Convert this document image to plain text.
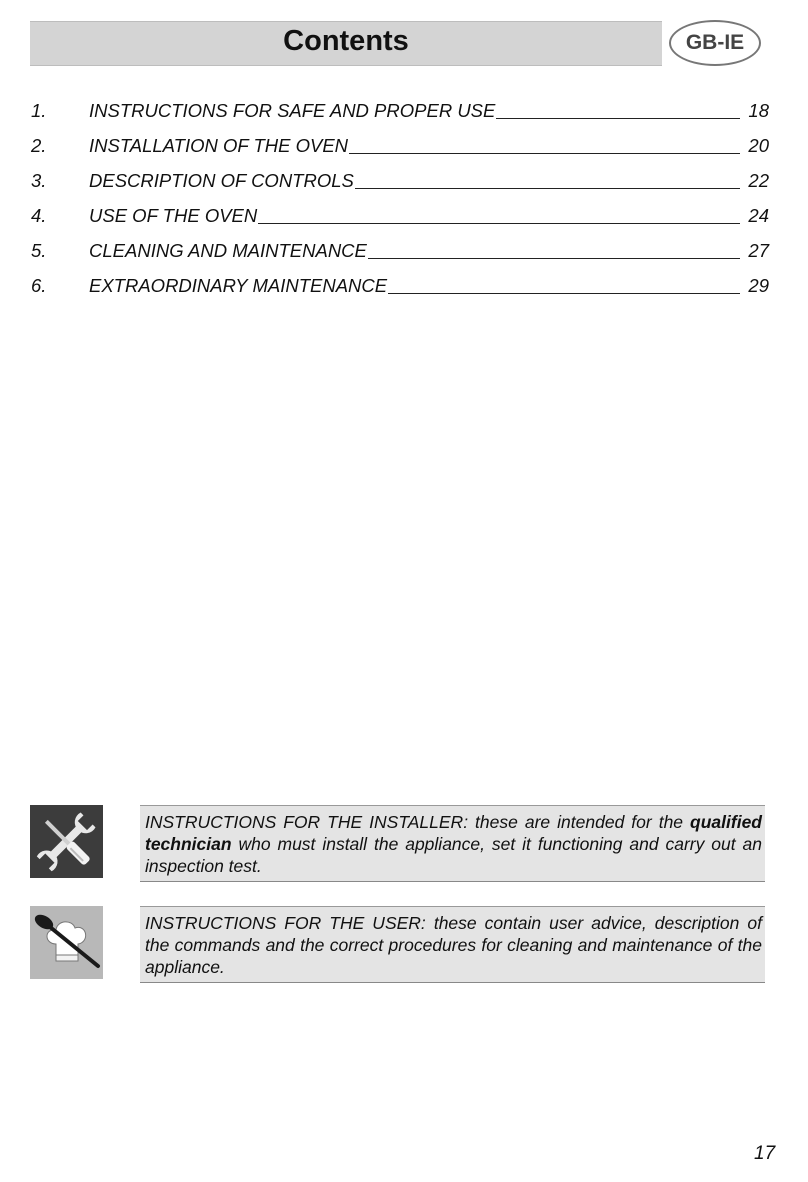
Contents	GB-IE
1.	INSTRUCTIONS FOR SAFE AND PROPER USE	18
2.	INSTALLATION OF THE OVEN	20
3.	DESCRIPTION OF CONTROLS	22
4.	USE OF THE OVEN	24
5.	CLEANING AND MAINTENANCE	27
6.	EXTRAORDINARY MAINTENANCE	29
INSTRUCTIONS FOR THE INSTALLER: these are intended for the qualified technician who must install the appliance, set it functioning and carry out an inspection test.
INSTRUCTIONS FOR THE USER: these contain user advice, description of the commands and the correct procedures for cleaning and maintenance of the appliance.
17
